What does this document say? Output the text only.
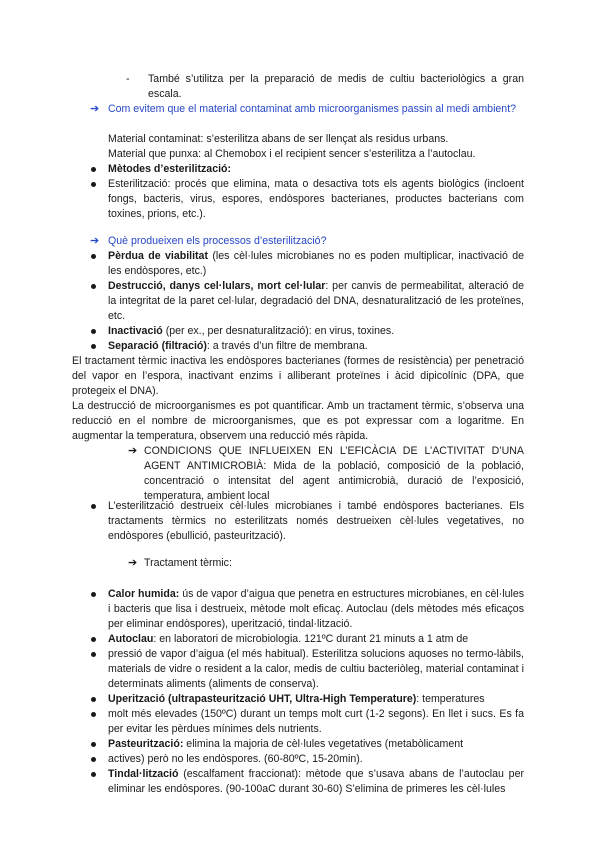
- També s’utilitza per la preparació de medis de cultiu bacteriològics a gran escala.

➔ Com evitem que el material contaminat amb microorganismes passin al medi ambient?

Material contaminat: s’esterilitza abans de ser llençat als residus urbans.

Material que punxa: al Chemobox i el recipient sencer s’esterilitza a l’autoclau.

Mètodes d’esterilització:

Esterilització: procés que elimina, mata o desactiva tots els agents biològics (incloent fongs, bacteris, virus, espores, endòspores bacterianes, productes bacterians com toxines, prions, etc.).

➔ Què produeixen els processos d’esterilització?

Pèrdua de viabilitat (les cèl·lules microbianes no es poden multiplicar, inactivació de les endòspores, etc.)

Destrucció, danys cel·lulars, mort cel·lular: per canvis de permeabilitat, alteració de la integritat de la paret cel·lular, degradació del DNA, desnaturalització de les proteïnes, etc.

Inactivació (per ex., per desnaturalització): en virus, toxines.

Separació (filtració): a través d’un filtre de membrana.

El tractament tèrmic inactiva les endòspores bacterianes (formes de resistència) per penetració del vapor en l’espora, inactivant enzims i alliberant proteïnes i àcid dipicolínic (DPA, que protegeix el DNA).

La destrucció de microorganismes es pot quantificar. Amb un tractament tèrmic, s’observa una reducció en el nombre de microorganismes, que es pot expressar com a logaritme. En augmentar la temperatura, observem una reducció més ràpida.

➔ CONDICIONS QUE INFLUEIXEN EN L’EFICÀCIA DE L’ACTIVITAT D’UNA AGENT ANTIMICROBIÀ: Mida de la població, composició de la població, concentració o intensitat del agent antimicrobià, duració de l’exposició, temperatura, ambient local

L’esterilització destrueix cèl·lules microbianes i també endòspores bacterianes. Els tractaments tèrmics no esterilitzats només destrueixen cèl·lules vegetatives, no endòspores (ebullició, pasteurització).

➔ Tractament tèrmic:

Calor humida: ús de vapor d’aigua que penetra en estructures microbianes, en cèl·lules i bacteris que lisa i destrueix, mètode molt eficaç. Autoclau (dels mètodes més eficaços per eliminar endòspores), uperització, tindal·lització.

Autoclau: en laboratori de microbiologia. 121ºC durant 21 minuts a 1 atm de

pressió de vapor d’aigua (el més habitual). Esterilitza solucions aquoses no termo-làbils, materials de vidre o resident a la calor, medis de cultiu bacteriòleg, material contaminat i determinats aliments (aliments de conserva).

Uperització (ultrapasteurització UHT, Ultra-High Temperature): temperatures

molt més elevades (150ºC) durant un temps molt curt (1-2 segons). En llet i sucs. Es fa per evitar les pèrdues mínimes dels nutrients.

Pasteurització: elimina la majoria de cèl·lules vegetatives (metabòlicament

actives) però no les endòspores. (60-80ºC, 15-20min).

Tindal·lització (escalfament fraccionat): mètode que s’usava abans de l’autoclau per eliminar les endòspores. (90-100aC durant 30-60) S’elimina de primeres les cèl·lules
